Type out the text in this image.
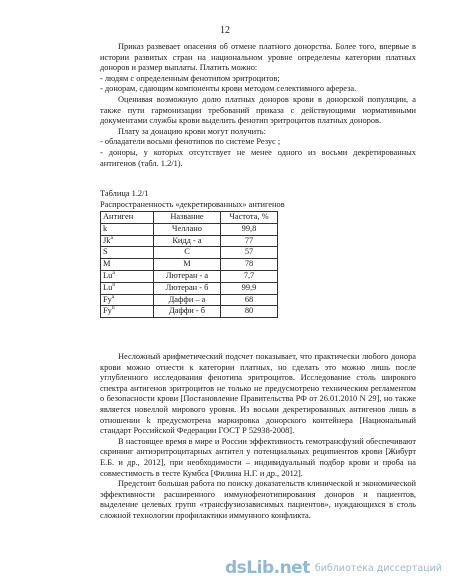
12

Приказ развевает опасения об отмене платного донорства. Более того, впервые в истории развитых стран на национальном уровне определены категории платных доноров и размер выплаты. Платить можно:

- людям с определенным фенотипом эритроцитов;

- донорам, сдающим компоненты крови методом селективного афереза.

Оценивая возможную долю платных доноров крови в донорской популяции, а также пути гармонизации требований приказа с действующими нормативными документами службы крови выделить фенотип эритроцитов платных доноров.

Плату за донацию крови могут получить:

- обладатели восьми фенотипов по системе Резус ;

- доноры, у которых отсутствует не менее одного из восьми декретированных антигенов (табл. 1.2/1).

Таблица 1.2/1
Распространенность «декретированных» антигенов
Антиген	Название	Частота, %
k	Челлано	99,8
Jk$^a$	Кидд - а	77
S	C	57
M	M	78
Lu$^a$	Лютеран - а	7,7
Lu$^b$	Лютеран - б	99,9
Fy$^a$	Даффи – а	68
Fy$^b$	Даффи - б	80

Несложный арифметический подсчет показывает, что практически любого донора крови можно отнести к категории платных, но сделать это можно лишь после углубленного исследования фенотипа эритроцитов. Исследование столь широкого спектра антигенов эритроцитов не только не предусмотрено техническим регламентом о безопасности крови [Постановление Правительства РФ от 26.01.2010 N 29], но также является новеллой мирового уровня. Из восьми декретированных антигенов лишь в отношении k предусмотрена маркировка донорского контейнера [Национальный стандарт Российской Федерации ГОСТ Р 52938-2008].

В настоящее время в мире и России эффективность гемотрансфузий обеспечивают скрининг антиэритроцитарных антител у потенциальных реципиентов крови [Жибурт Е.Б. и др., 2012], при необходимости – индивидуальный подбор крови и проба на совместимость в тесте Кумбса [Филина Н.Г. и др., 2012].

Предстоит большая работа по поиску доказательств клинической и экономической эффективности расширенного иммунофенотипирования доноров и пациентов, выделение целевых групп «трансфузиозависимых пациентов», нуждающихся в столь сложной технологии профилактики иммунного конфликта.

dsLib.net библиотека диссертаций
